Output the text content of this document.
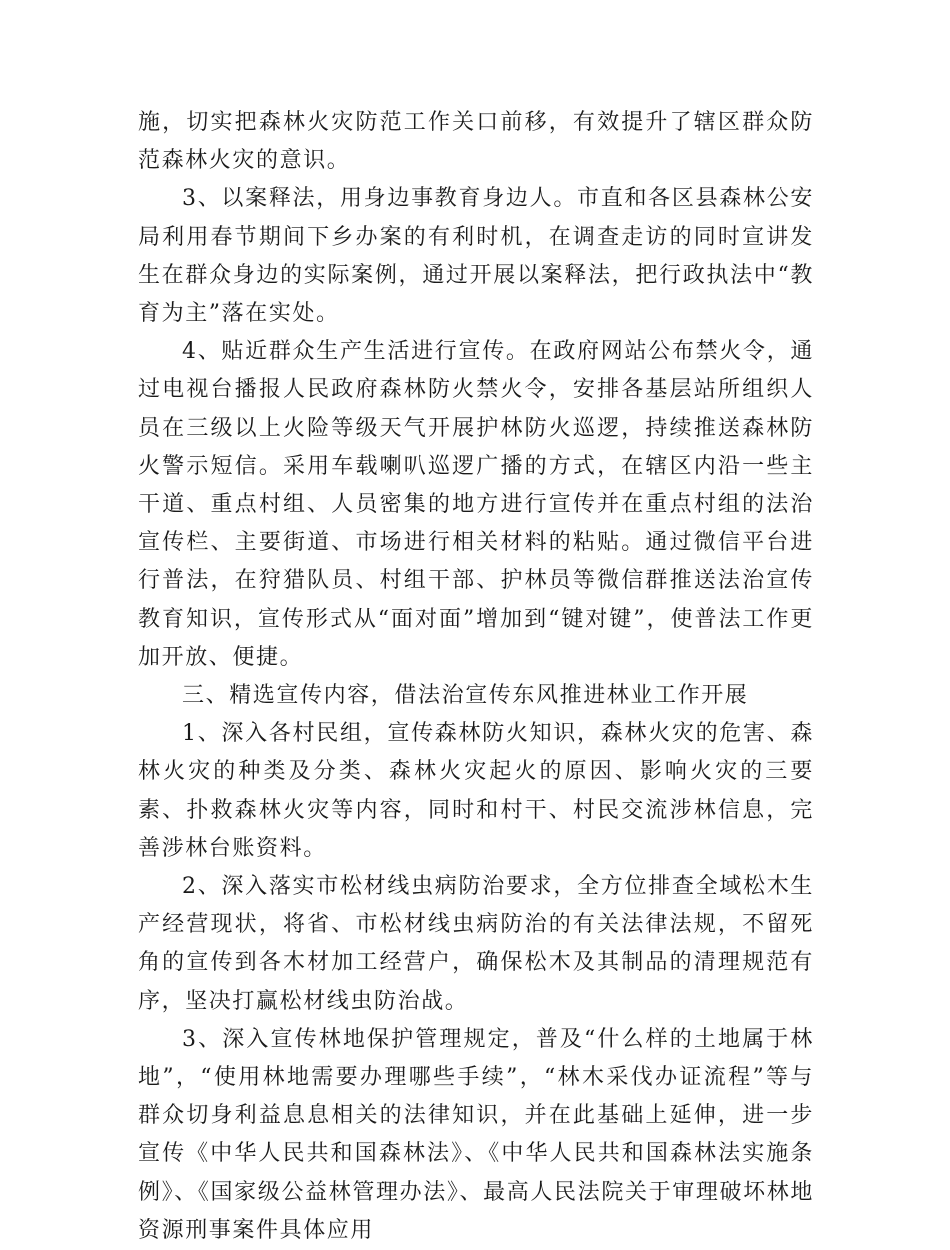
施，切实把森林火灾防范工作关口前移，有效提升了辖区群众防范森林火灾的意识。

3、以案释法，用身边事教育身边人。市直和各区县森林公安局利用春节期间下乡办案的有利时机，在调查走访的同时宣讲发生在群众身边的实际案例，通过开展以案释法，把行政执法中“教育为主”落在实处。

4、贴近群众生产生活进行宣传。在政府网站公布禁火令，通过电视台播报人民政府森林防火禁火令，安排各基层站所组织人员在三级以上火险等级天气开展护林防火巡逻，持续推送森林防火警示短信。采用车载喇叭巡逻广播的方式，在辖区内沿一些主干道、重点村组、人员密集的地方进行宣传并在重点村组的法治宣传栏、主要街道、市场进行相关材料的粘贴。通过微信平台进行普法，在狩猎队员、村组干部、护林员等微信群推送法治宣传教育知识，宣传形式从“面对面”增加到“键对键”，使普法工作更加开放、便捷。

三、精选宣传内容，借法治宣传东风推进林业工作开展

1、深入各村民组，宣传森林防火知识，森林火灾的危害、森林火灾的种类及分类、森林火灾起火的原因、影响火灾的三要素、扑救森林火灾等内容，同时和村干、村民交流涉林信息，完善涉林台账资料。

2、深入落实市松材线虫病防治要求，全方位排查全域松木生产经营现状，将省、市松材线虫病防治的有关法律法规，不留死角的宣传到各木材加工经营户，确保松木及其制品的清理规范有序，坚决打赢松材线虫防治战。

3、深入宣传林地保护管理规定，普及“什么样的土地属于林地”，“使用林地需要办理哪些手续”，“林木采伐办证流程”等与群众切身利益息息相关的法律知识，并在此基础上延伸，进一步宣传《中华人民共和国森林法》、《中华人民共和国森林法实施条例》、《国家级公益林管理办法》、最高人民法院关于审理破坏林地资源刑事案件具体应用
